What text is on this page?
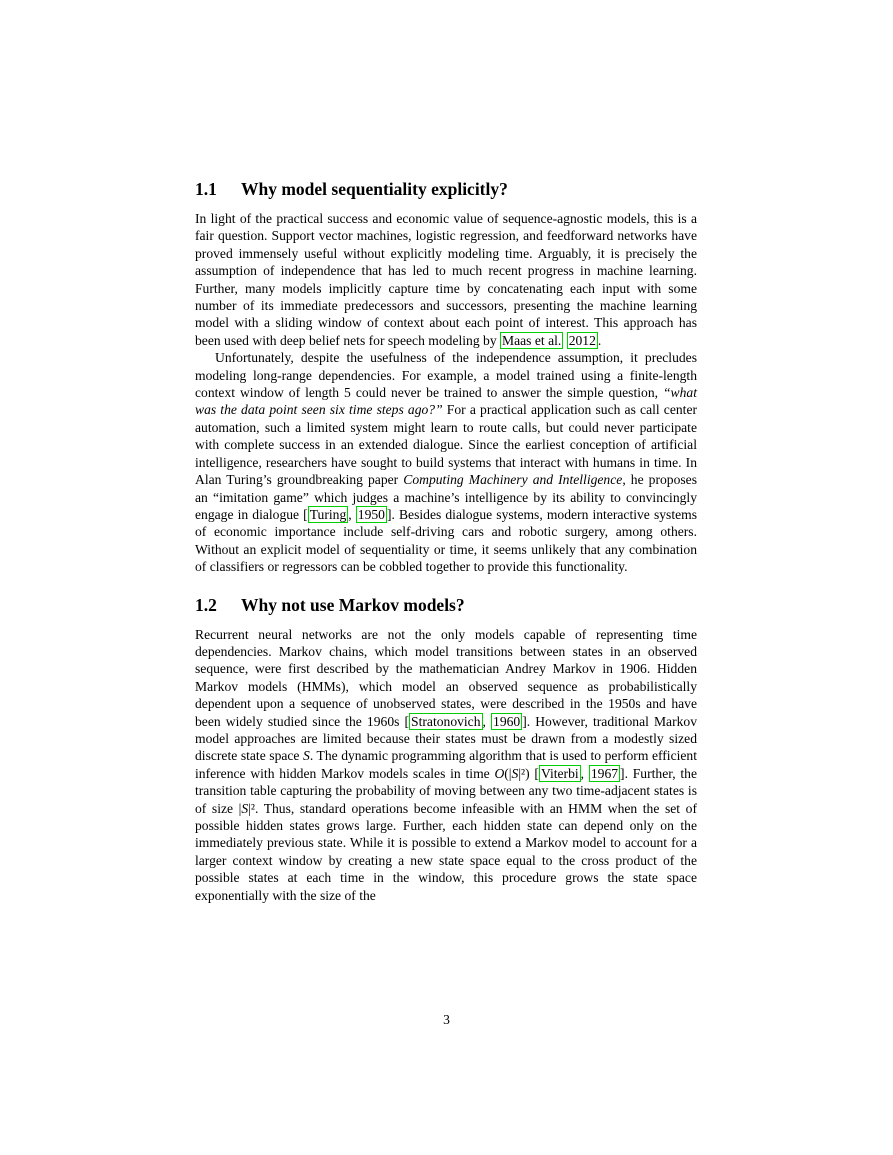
1.1 Why model sequentiality explicitly?

In light of the practical success and economic value of sequence-agnostic models, this is a fair question. Support vector machines, logistic regression, and feedforward networks have proved immensely useful without explicitly modeling time. Arguably, it is precisely the assumption of independence that has led to much recent progress in machine learning. Further, many models implicitly capture time by concatenating each input with some number of its immediate predecessors and successors, presenting the machine learning model with a sliding window of context about each point of interest. This approach has been used with deep belief nets for speech modeling by Maas et al. 2012 .

Unfortunately, despite the usefulness of the independence assumption, it precludes modeling long-range dependencies. For example, a model trained using a finite-length context window of length 5 could never be trained to answer the simple question, “what was the data point seen six time steps ago?” For a practical application such as call center automation, such a limited system might learn to route calls, but could never participate with complete success in an extended dialogue. Since the earliest conception of artificial intelligence, researchers have sought to build systems that interact with humans in time. In Alan Turing’s groundbreaking paper Computing Machinery and Intelligence, he proposes an “imitation game” which judges a machine’s intelligence by its ability to convincingly engage in dialogue [ Turing , 1950 ]. Besides dialogue systems, modern interactive systems of economic importance include self-driving cars and robotic surgery, among others. Without an explicit model of sequentiality or time, it seems unlikely that any combination of classifiers or regressors can be cobbled together to provide this functionality.

1.2 Why not use Markov models?

Recurrent neural networks are not the only models capable of representing time dependencies. Markov chains, which model transitions between states in an observed sequence, were first described by the mathematician Andrey Markov in 1906. Hidden Markov models (HMMs), which model an observed sequence as probabilistically dependent upon a sequence of unobserved states, were described in the 1950s and have been widely studied since the 1960s [ Stratonovich , 1960 ]. However, traditional Markov model approaches are limited because their states must be drawn from a modestly sized discrete state space S. The dynamic programming algorithm that is used to perform efficient inference with hidden Markov models scales in time O(|S|²) [ Viterbi , 1967 ]. Further, the transition table capturing the probability of moving between any two time-adjacent states is of size |S|². Thus, standard operations become infeasible with an HMM when the set of possible hidden states grows large. Further, each hidden state can depend only on the immediately previous state. While it is possible to extend a Markov model to account for a larger context window by creating a new state space equal to the cross product of the possible states at each time in the window, this procedure grows the state space exponentially with the size of the

3
